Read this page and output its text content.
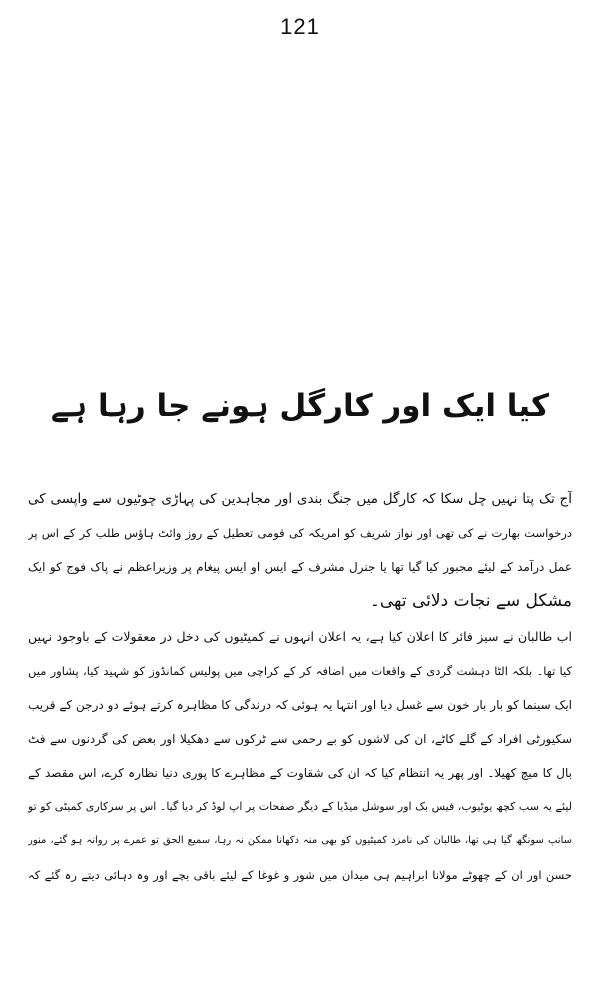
121
کیا ایک اور کارگل ہونے جا رہا ہے
آج تک پتا نہیں چل سکا کہ کارگل میں جنگ بندی اور مجاہدین کی پہاڑی چوٹیوں سے واپسی کی
درخواست بھارت نے کی تھی اور نواز شریف کو امریکہ کی قومی تعطیل کے روز وائٹ ہاؤس طلب کر کے اس پر
عمل درآمد کے لیئے مجبور کیا گیا تھا یا جنرل مشرف کے ایس او ایس پیغام پر وزیراعظم نے پاک فوج کو ایک
مشکل سے نجات دلائی تھی۔
اب طالبان نے سیز فائر کا اعلان کیا ہے، یہ اعلان انہوں نے کمیٹیوں کی دخل در معقولات کے باوجود نہیں
کیا تھا۔ بلکہ الٹا دہشت گردی کے واقعات میں اضافہ کر کے کراچی میں پولیس کمانڈوز کو شہید کیا، پشاور میں
ایک سینما کو بار بار خون سے غسل دیا اور انتہا یہ ہوئی کہ درندگی کا مظاہرہ کرتے ہوئے دو درجن کے قریب
سکیورٹی افراد کے گلے کاٹے، ان کی لاشوں کو بے رحمی سے ٹرکوں سے دھکیلا اور بعض کی گردنوں سے فٹ
بال کا میچ کھیلا۔ اور پھر یہ انتظام کیا کہ ان کی شقاوت کے مظاہرے کا پوری دنیا نظارہ کرے، اس مقصد کے
لیئے یہ سب کچھ یوٹیوب، فیس بک اور سوشل میڈیا کے دیگر صفحات پر اپ لوڈ کر دیا گیا۔ اس پر سرکاری کمیٹی کو تو
سانپ سونگھ گیا ہی تھا، طالبان کی نامزد کمیٹیوں کو بھی منہ دکھانا ممکن نہ رہا، سمیع الحق تو عمرے پر روانہ ہو گئے، منور
حسن اور ان کے چھوٹے مولانا ابراہیم ہی میدان میں شور و غوغا کے لیئے باقی بچے اور وہ دہائی دیتے رہ گئے کہ
